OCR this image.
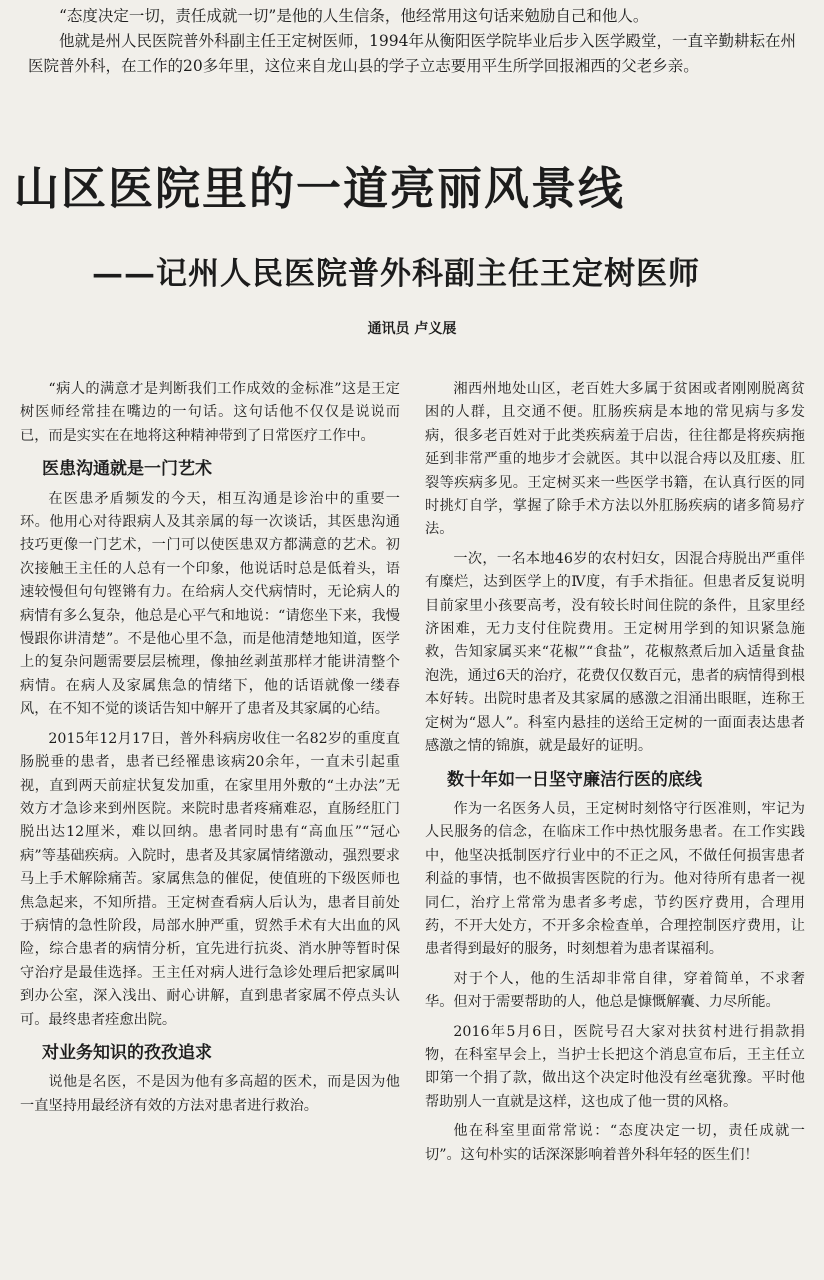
“态度决定一切，责任成就一切”是他的人生信条，他经常用这句话来勉励自己和他人。

他就是州人民医院普外科副主任王定树医师，1994年从衡阳医学院毕业后步入医学殿堂，一直辛勤耕耘在州医院普外科，在工作的20多年里，这位来自龙山县的学子立志要用平生所学回报湘西的父老乡亲。

山区医院里的一道亮丽风景线
——记州人民医院普外科副主任王定树医师
通讯员 卢义展

“病人的满意才是判断我们工作成效的金标准”这是王定树医师经常挂在嘴边的一句话。这句话他不仅仅是说说而已，而是实实在在地将这种精神带到了日常医疗工作中。

医患沟通就是一门艺术

在医患矛盾频发的今天，相互沟通是诊治中的重要一环。他用心对待跟病人及其亲属的每一次谈话，其医患沟通技巧更像一门艺术，一门可以使医患双方都满意的艺术。初次接触王主任的人总有一个印象，他说话时总是低着头，语速较慢但句句铿锵有力。在给病人交代病情时，无论病人的病情有多么复杂，他总是心平气和地说：“请您坐下来，我慢慢跟你讲清楚”。不是他心里不急，而是他清楚地知道，医学上的复杂问题需要层层梳理，像抽丝剥茧那样才能讲清整个病情。在病人及家属焦急的情绪下，他的话语就像一缕春风，在不知不觉的谈话告知中解开了患者及其家属的心结。

2015年12月17日，普外科病房收住一名82岁的重度直肠脱垂的患者，患者已经罹患该病20余年，一直未引起重视，直到两天前症状复发加重，在家里用外敷的“土办法”无效方才急诊来到州医院。来院时患者疼痛难忍，直肠经肛门脱出达12厘米，难以回纳。患者同时患有“高血压”“冠心病”等基础疾病。入院时，患者及其家属情绪激动，强烈要求马上手术解除痛苦。家属焦急的催促，使值班的下级医师也焦急起来，不知所措。王定树查看病人后认为，患者目前处于病情的急性阶段，局部水肿严重，贸然手术有大出血的风险，综合患者的病情分析，宜先进行抗炎、消水肿等暂时保守治疗是最佳选择。王主任对病人进行急诊处理后把家属叫到办公室，深入浅出、耐心讲解，直到患者家属不停点头认可。最终患者痊愈出院。

对业务知识的孜孜追求

说他是名医，不是因为他有多高超的医术，而是因为他一直坚持用最经济有效的方法对患者进行救治。

湘西州地处山区，老百姓大多属于贫困或者刚刚脱离贫困的人群，且交通不便。肛肠疾病是本地的常见病与多发病，很多老百姓对于此类疾病羞于启齿，往往都是将疾病拖延到非常严重的地步才会就医。其中以混合痔以及肛瘘、肛裂等疾病多见。王定树买来一些医学书籍，在认真行医的同时挑灯自学，掌握了除手术方法以外肛肠疾病的诸多简易疗法。

一次，一名本地46岁的农村妇女，因混合痔脱出严重伴有糜烂，达到医学上的Ⅳ度，有手术指征。但患者反复说明目前家里小孩要高考，没有较长时间住院的条件，且家里经济困难，无力支付住院费用。王定树用学到的知识紧急施救，告知家属买来“花椒”“食盐”，花椒熬煮后加入适量食盐泡洗，通过6天的治疗，花费仅仅数百元，患者的病情得到根本好转。出院时患者及其家属的感激之泪涌出眼眶，连称王定树为“恩人”。科室内悬挂的送给王定树的一面面表达患者感激之情的锦旗，就是最好的证明。

数十年如一日坚守廉洁行医的底线

作为一名医务人员，王定树时刻恪守行医准则，牢记为人民服务的信念，在临床工作中热忱服务患者。在工作实践中，他坚决抵制医疗行业中的不正之风，不做任何损害患者利益的事情，也不做损害医院的行为。他对待所有患者一视同仁，治疗上常常为患者多考虑，节约医疗费用，合理用药，不开大处方，不开多余检查单，合理控制医疗费用，让患者得到最好的服务，时刻想着为患者谋福利。

对于个人，他的生活却非常自律，穿着简单，不求奢华。但对于需要帮助的人，他总是慷慨解囊、力尽所能。

2016年5月6日，医院号召大家对扶贫村进行捐款捐物，在科室早会上，当护士长把这个消息宣布后，王主任立即第一个捐了款，做出这个决定时他没有丝毫犹豫。平时他帮助别人一直就是这样，这也成了他一贯的风格。

他在科室里面常常说：“态度决定一切，责任成就一切”。这句朴实的话深深影响着普外科年轻的医生们！
